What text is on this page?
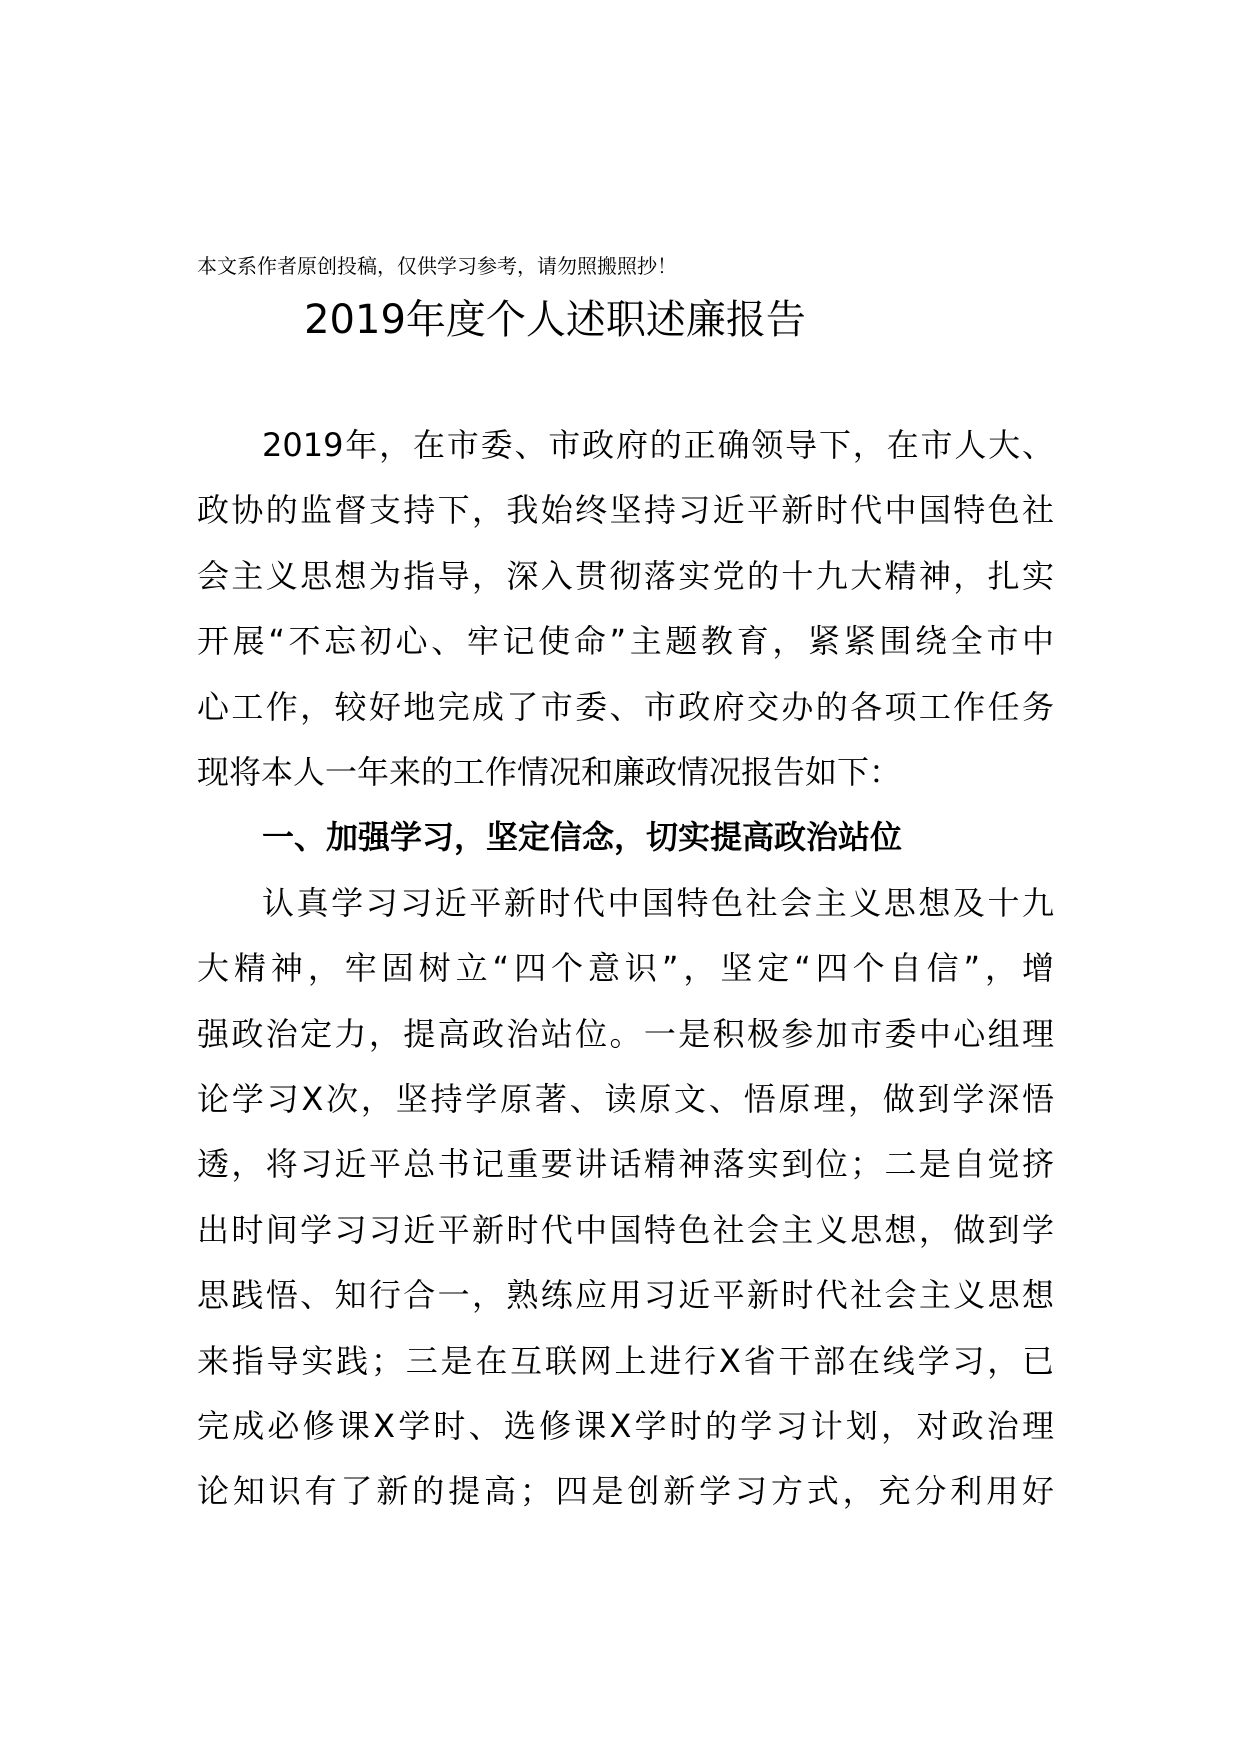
本文系作者原创投稿，仅供学习参考，请勿照搬照抄！
2019年度个人述职述廉报告
2019年，在市委、市政府的正确领导下，在市人大、
政协的监督支持下，我始终坚持习近平新时代中国特色社
会主义思想为指导，深入贯彻落实党的十九大精神，扎实
开展“不忘初心、牢记使命”主题教育，紧紧围绕全市中
心工作，较好地完成了市委、市政府交办的各项工作任务
现将本人一年来的工作情况和廉政情况报告如下：
一、加强学习，坚定信念，切实提高政治站位
认真学习习近平新时代中国特色社会主义思想及十九
大精神，牢固树立“四个意识”，坚定“四个自信”，增
强政治定力，提高政治站位。一是积极参加市委中心组理
论学习X次，坚持学原著、读原文、悟原理，做到学深悟
透，将习近平总书记重要讲话精神落实到位；二是自觉挤
出时间学习习近平新时代中国特色社会主义思想，做到学
思践悟、知行合一，熟练应用习近平新时代社会主义思想
来指导实践；三是在互联网上进行X省干部在线学习，已
完成必修课X学时、选修课X学时的学习计划，对政治理
论知识有了新的提高；四是创新学习方式，充分利用好
